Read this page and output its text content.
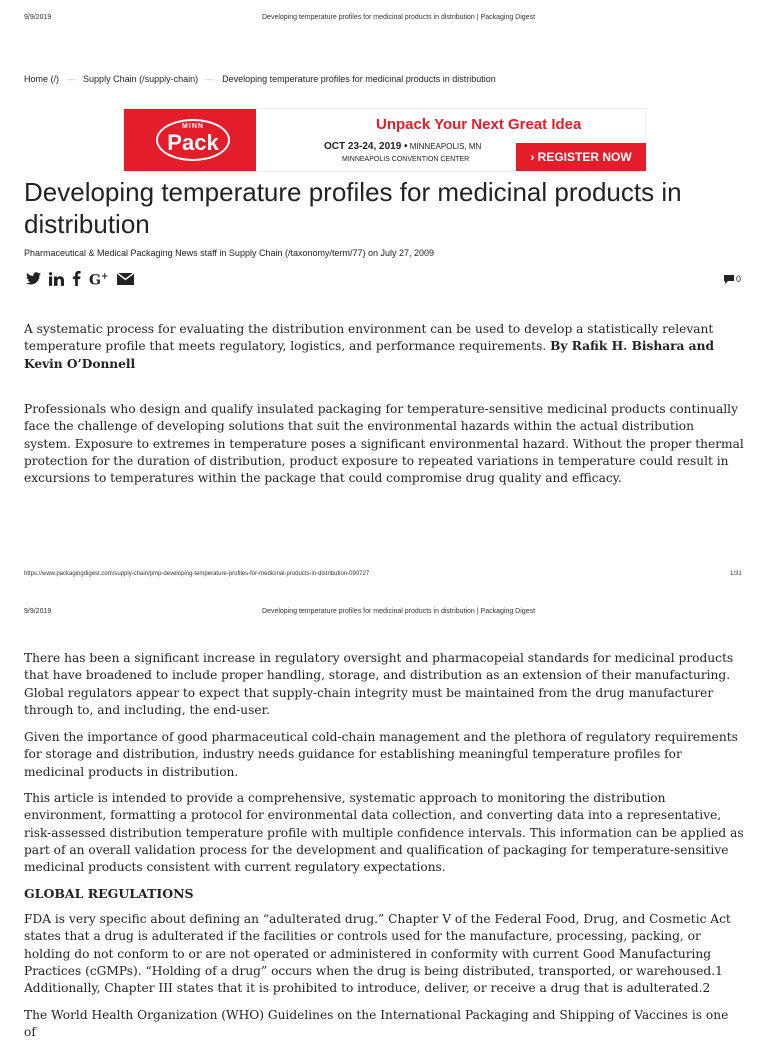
9/9/2019	Developing temperature profiles for medicinal products in distribution | Packaging Digest
Home (/) — Supply Chain (/supply-chain) — Developing temperature profiles for medicinal products in distribution
MINN
Pack
Unpack Your Next Great Idea
OCT 23-24, 2019 • MINNEAPOLIS, MN
MINNEAPOLIS CONVENTION CENTER	› REGISTER NOW
Developing temperature profiles for medicinal products in distribution
Pharmaceutical & Medical Packaging News staff in Supply Chain (/taxonomy/term/77) on July 27, 2009
G+	0

A systematic process for evaluating the distribution environment can be used to develop a statistically relevant temperature profile that meets regulatory, logistics, and performance requirements. By Rafik H. Bishara and Kevin O’Donnell

Professionals who design and qualify insulated packaging for temperature-sensitive medicinal products continually face the challenge of developing solutions that suit the environmental hazards within the actual distribution system. Exposure to extremes in temperature poses a significant environmental hazard. Without the proper thermal protection for the duration of distribution, product exposure to repeated variations in temperature could result in excursions to temperatures within the package that could compromise drug quality and efficacy.

https://www.packagingdigest.com/supply-chain/pmp-developing-temperature-profiles-for-medicinal-products-in-distribution-090727	1/31
9/9/2019	Developing temperature profiles for medicinal products in distribution | Packaging Digest

There has been a significant increase in regulatory oversight and pharmacopeial standards for medicinal products that have broadened to include proper handling, storage, and distribution as an extension of their manufacturing. Global regulators appear to expect that supply-chain integrity must be maintained from the drug manufacturer through to, and including, the end-user.

Given the importance of good pharmaceutical cold-chain management and the plethora of regulatory requirements for storage and distribution, industry needs guidance for establishing meaningful temperature profiles for medicinal products in distribution.

This article is intended to provide a comprehensive, systematic approach to monitoring the distribution environment, formatting a protocol for environmental data collection, and converting data into a representative, risk-assessed distribution temperature profile with multiple confidence intervals. This information can be applied as part of an overall validation process for the development and qualification of packaging for temperature-sensitive medicinal products consistent with current regulatory expectations.

GLOBAL REGULATIONS

FDA is very specific about defining an “adulterated drug.” Chapter V of the Federal Food, Drug, and Cosmetic Act states that a drug is adulterated if the facilities or controls used for the manufacture, processing, packing, or holding do not conform to or are not operated or administered in conformity with current Good Manufacturing Practices (cGMPs). “Holding of a drug” occurs when the drug is being distributed, transported, or warehoused.1 Additionally, Chapter III states that it is prohibited to introduce, deliver, or receive a drug that is adulterated.2

The World Health Organization (WHO) Guidelines on the International Packaging and Shipping of Vaccines is one of
